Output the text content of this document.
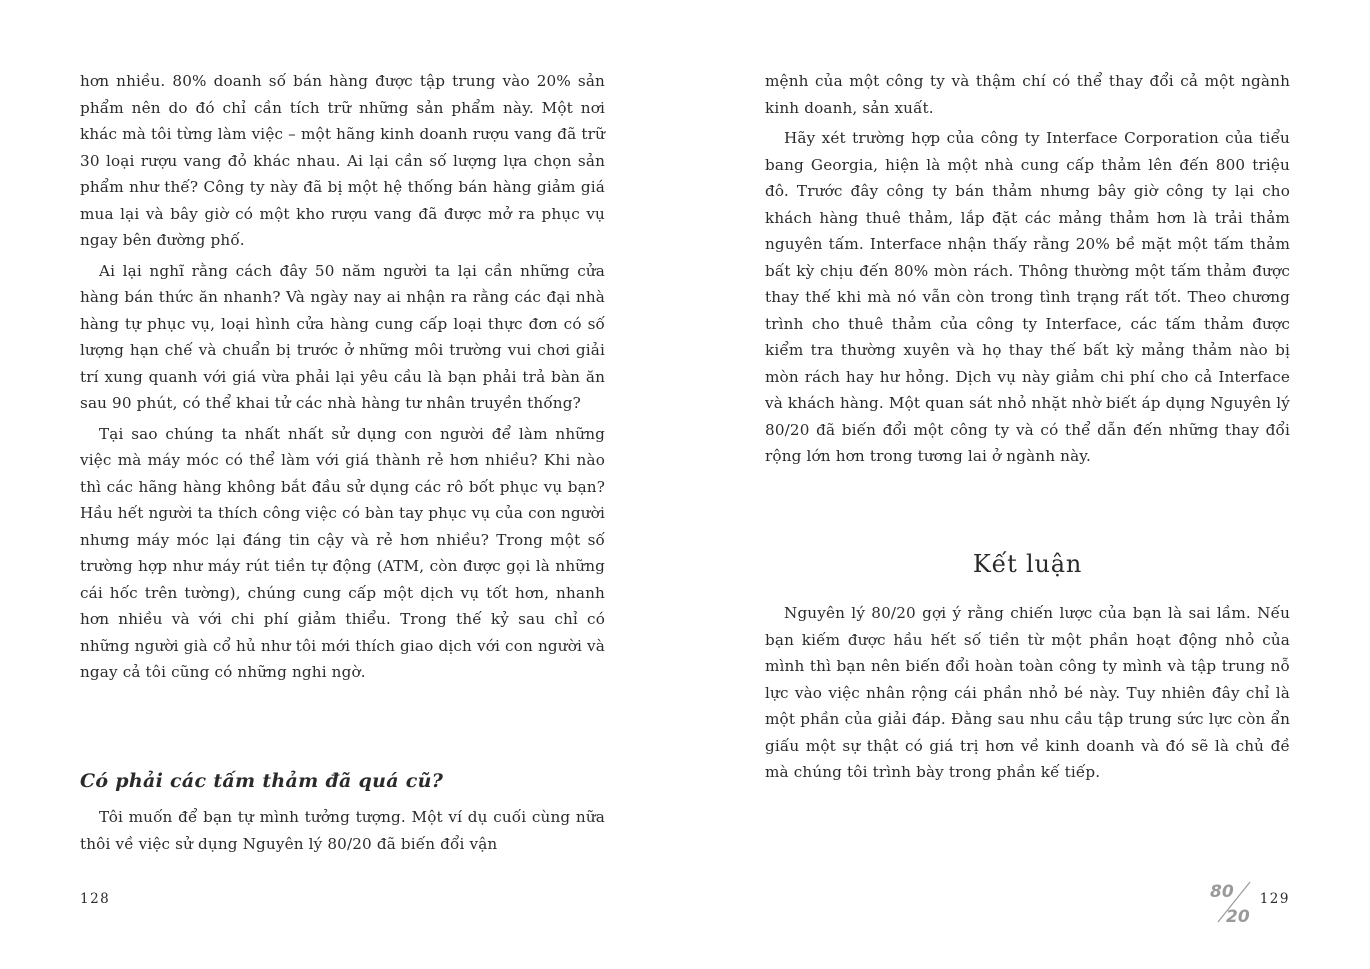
hơn nhiều. 80% doanh số bán hàng được tập trung vào 20% sản phẩm nên do đó chỉ cần tích trữ những sản phẩm này. Một nơi khác mà tôi từng làm việc – một hãng kinh doanh rượu vang đã trữ 30 loại rượu vang đỏ khác nhau. Ai lại cần số lượng lựa chọn sản phẩm như thế? Công ty này đã bị một hệ thống bán hàng giảm giá mua lại và bây giờ có một kho rượu vang đã được mở ra phục vụ ngay bên đường phố.

Ai lại nghĩ rằng cách đây 50 năm người ta lại cần những cửa hàng bán thức ăn nhanh? Và ngày nay ai nhận ra rằng các đại nhà hàng tự phục vụ, loại hình cửa hàng cung cấp loại thực đơn có số lượng hạn chế và chuẩn bị trước ở những môi trường vui chơi giải trí xung quanh với giá vừa phải lại yêu cầu là bạn phải trả bàn ăn sau 90 phút, có thể khai tử các nhà hàng tư nhân truyền thống?

Tại sao chúng ta nhất nhất sử dụng con người để làm những việc mà máy móc có thể làm với giá thành rẻ hơn nhiều? Khi nào thì các hãng hàng không bắt đầu sử dụng các rô bốt phục vụ bạn? Hầu hết người ta thích công việc có bàn tay phục vụ của con người nhưng máy móc lại đáng tin cậy và rẻ hơn nhiều? Trong một số trường hợp như máy rút tiền tự động (ATM, còn được gọi là những cái hốc trên tường), chúng cung cấp một dịch vụ tốt hơn, nhanh hơn nhiều và với chi phí giảm thiểu. Trong thế kỷ sau chỉ có những người già cổ hủ như tôi mới thích giao dịch với con người và ngay cả tôi cũng có những nghi ngờ.

Có phải các tấm thảm đã quá cũ?

Tôi muốn để bạn tự mình tưởng tượng. Một ví dụ cuối cùng nữa thôi về việc sử dụng Nguyên lý 80/20 đã biến đổi vận

128

mệnh của một công ty và thậm chí có thể thay đổi cả một ngành kinh doanh, sản xuất.

Hãy xét trường hợp của công ty Interface Corporation của tiểu bang Georgia, hiện là một nhà cung cấp thảm lên đến 800 triệu đô. Trước đây công ty bán thảm nhưng bây giờ công ty lại cho khách hàng thuê thảm, lắp đặt các mảng thảm hơn là trải thảm nguyên tấm. Interface nhận thấy rằng 20% bề mặt một tấm thảm bất kỳ chịu đến 80% mòn rách. Thông thường một tấm thảm được thay thế khi mà nó vẫn còn trong tình trạng rất tốt. Theo chương trình cho thuê thảm của công ty Interface, các tấm thảm được kiểm tra thường xuyên và họ thay thế bất kỳ mảng thảm nào bị mòn rách hay hư hỏng. Dịch vụ này giảm chi phí cho cả Interface và khách hàng. Một quan sát nhỏ nhặt nhờ biết áp dụng Nguyên lý 80/20 đã biến đổi một công ty và có thể dẫn đến những thay đổi rộng lớn hơn trong tương lai ở ngành này.

Kết luận

Nguyên lý 80/20 gợi ý rằng chiến lược của bạn là sai lầm. Nếu bạn kiếm được hầu hết số tiền từ một phần hoạt động nhỏ của mình thì bạn nên biến đổi hoàn toàn công ty mình và tập trung nỗ lực vào việc nhân rộng cái phần nhỏ bé này. Tuy nhiên đây chỉ là một phần của giải đáp. Đằng sau nhu cầu tập trung sức lực còn ẩn giấu một sự thật có giá trị hơn về kinh doanh và đó sẽ là chủ đề mà chúng tôi trình bày trong phần kế tiếp.

80
20
129
